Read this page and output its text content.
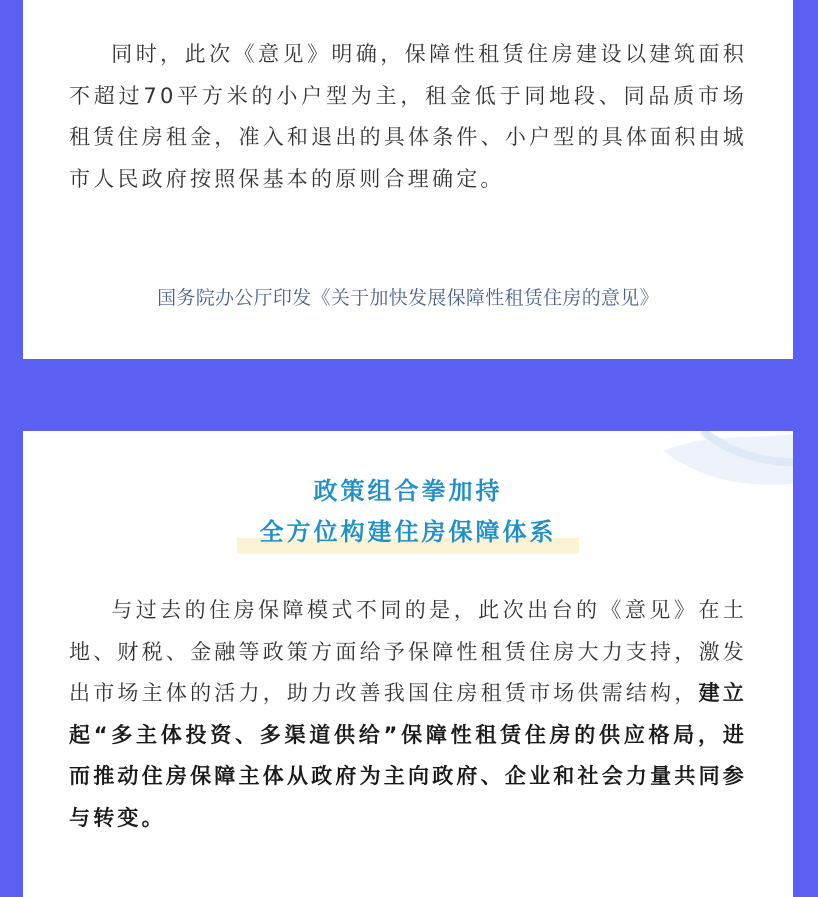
同时，此次《意见》明确，保障性租赁住房建设以建筑面积不超过70平方米的小户型为主，租金低于同地段、同品质市场租赁住房租金，准入和退出的具体条件、小户型的具体面积由城市人民政府按照保基本的原则合理确定。
国务院办公厅印发《关于加快发展保障性租赁住房的意见》
政策组合拳加持
全方位构建住房保障体系
与过去的住房保障模式不同的是，此次出台的《意见》在土地、财税、金融等政策方面给予保障性租赁住房大力支持，激发出市场主体的活力，助力改善我国住房租赁市场供需结构，建立起“多主体投资、多渠道供给”保障性租赁住房的供应格局，进而推动住房保障主体从政府为主向政府、企业和社会力量共同参与转变。
